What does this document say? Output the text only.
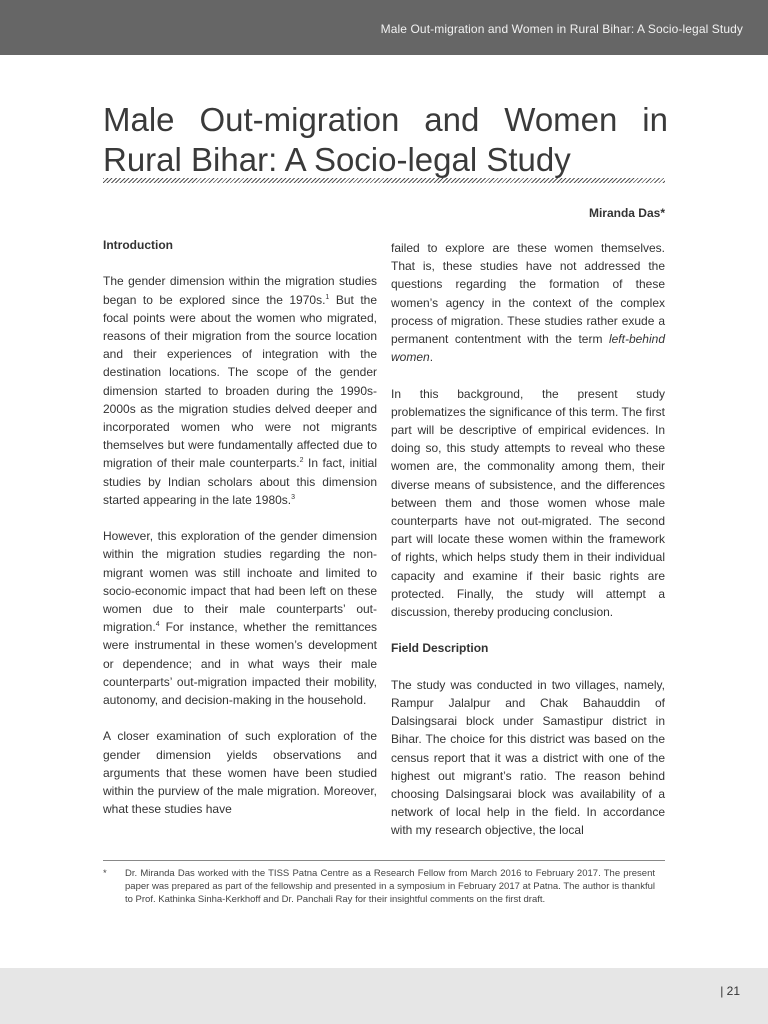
Male Out-migration and Women in Rural Bihar: A Socio-legal Study
Male Out-migration and Women in
Rural Bihar: A Socio-legal Study
Miranda Das*
Introduction

The gender dimension within the migration studies began to be explored since the 1970s.$^1$ But the focal points were about the women who migrated, reasons of their migration from the source location and their experiences of integration with the destination locations. The scope of the gender dimension started to broaden during the 1990s-2000s as the migration studies delved deeper and incorporated women who were not migrants themselves but were fundamentally affected due to migration of their male counterparts.$^2$ In fact, initial studies by Indian scholars about this dimension started appearing in the late 1980s.$^3$

However, this exploration of the gender dimension within the migration studies regarding the non-migrant women was still inchoate and limited to socio-economic impact that had been left on these women due to their male counterparts’ out-migration.$^4$ For instance, whether the remittances were instrumental in these women’s development or dependence; and in what ways their male counterparts’ out-migration impacted their mobility, autonomy, and decision-making in the household.

A closer examination of such exploration of the gender dimension yields observations and arguments that these women have been studied within the purview of the male migration. Moreover, what these studies have

failed to explore are these women themselves. That is, these studies have not addressed the questions regarding the formation of these women’s agency in the context of the complex process of migration. These studies rather exude a permanent contentment with the term left-behind women.

In this background, the present study problematizes the significance of this term. The first part will be descriptive of empirical evidences. In doing so, this study attempts to reveal who these women are, the commonality among them, their diverse means of subsistence, and the differences between them and those women whose male counterparts have not out-migrated. The second part will locate these women within the framework of rights, which helps study them in their individual capacity and examine if their basic rights are protected. Finally, the study will attempt a discussion, thereby producing conclusion.

Field Description

The study was conducted in two villages, namely, Rampur Jalalpur and Chak Bahauddin of Dalsingsarai block under Samastipur district in Bihar. The choice for this district was based on the census report that it was a district with one of the highest out migrant’s ratio. The reason behind choosing Dalsingsarai block was availability of a network of local help in the field. In accordance with my research objective, the local

*	Dr. Miranda Das worked with the TISS Patna Centre as a Research Fellow from March 2016 to February 2017. The present paper was prepared as part of the fellowship and presented in a symposium in February 2017 at Patna. The author is thankful to Prof. Kathinka Sinha-Kerkhoff and Dr. Panchali Ray for their insightful comments on the first draft.
| 21
